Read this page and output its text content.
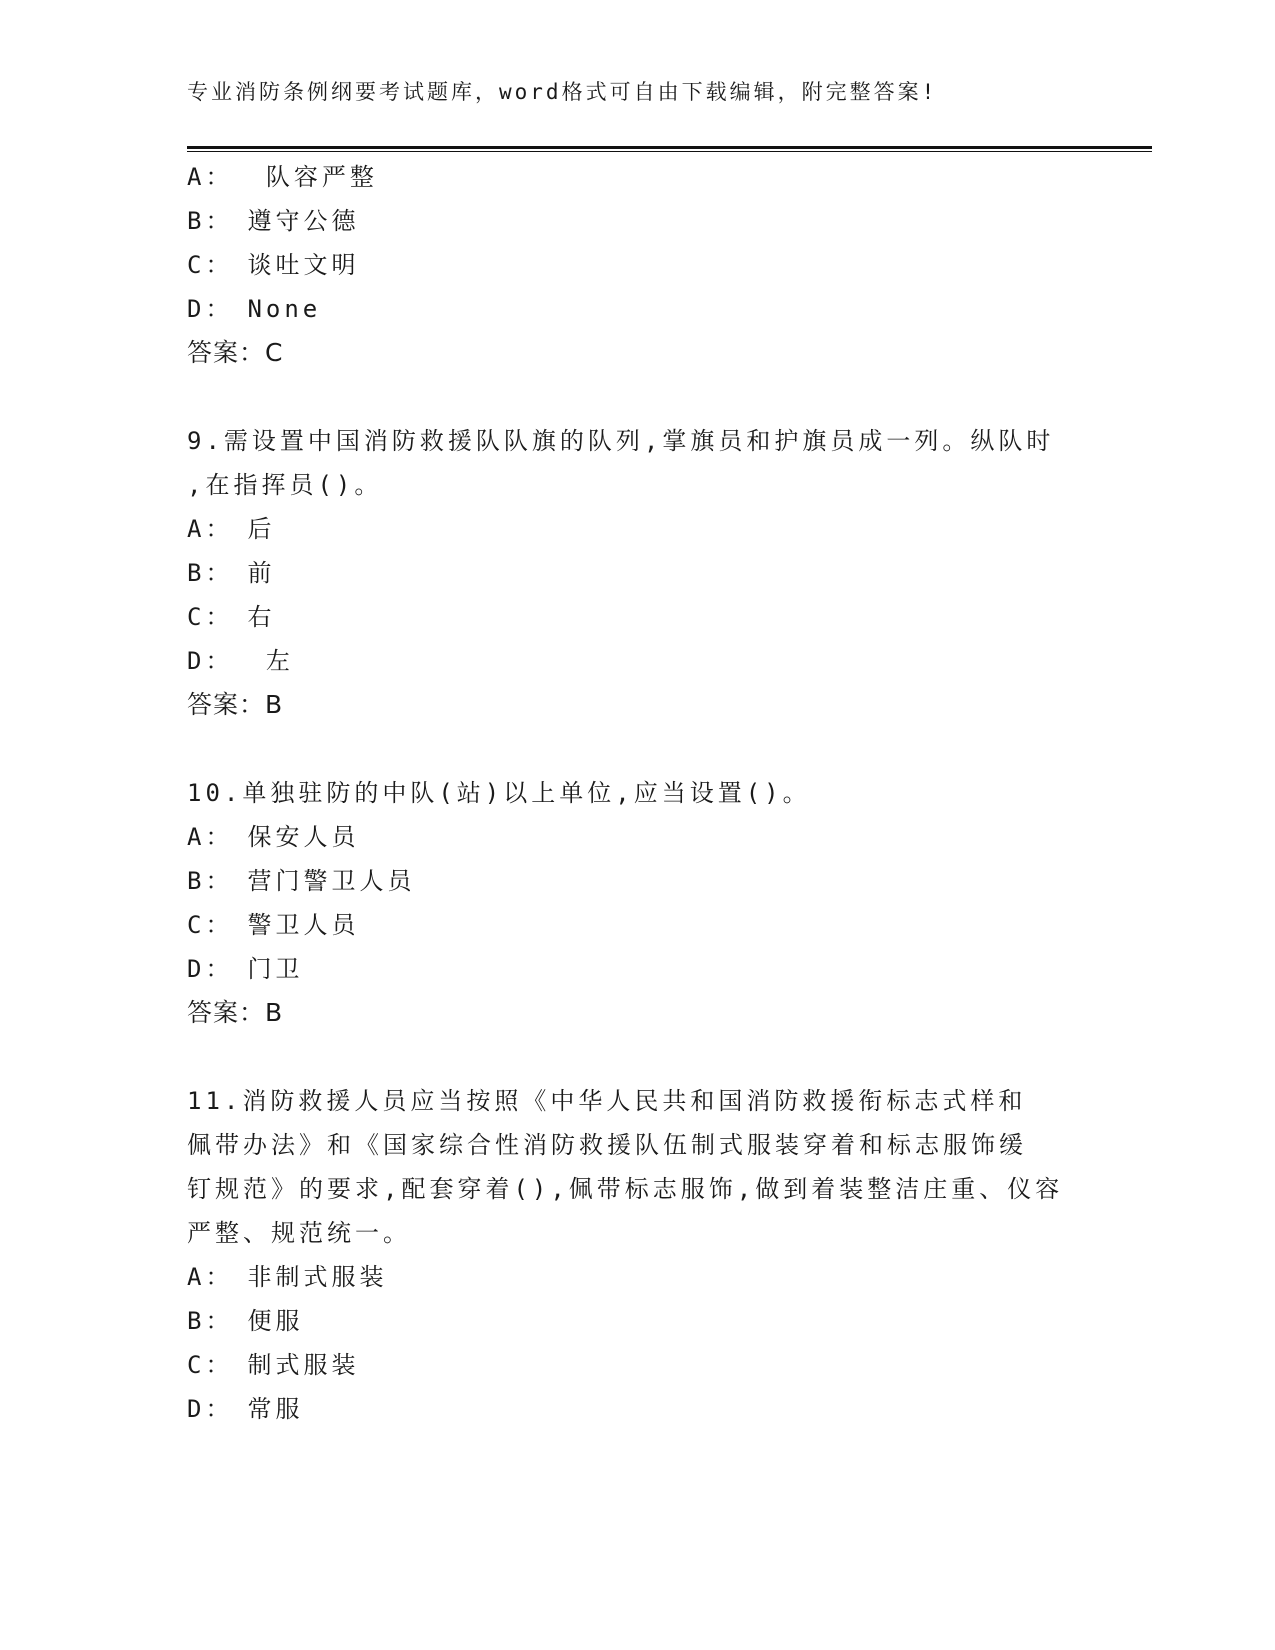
专业消防条例纲要考试题库，word格式可自由下载编辑，附完整答案!
A： 队容严整
B： 遵守公德
C： 谈吐文明
D： None
答案：C
9.需设置中国消防救援队队旗的队列,掌旗员和护旗员成一列。纵队时
,在指挥员()。
A： 后
B： 前
C： 右
D： 左
答案：B
10.单独驻防的中队(站)以上单位,应当设置()。
A： 保安人员
B： 营门警卫人员
C： 警卫人员
D： 门卫
答案：B
11.消防救援人员应当按照《中华人民共和国消防救援衔标志式样和
佩带办法》和《国家综合性消防救援队伍制式服装穿着和标志服饰缓
钉规范》的要求,配套穿着(),佩带标志服饰,做到着装整洁庄重、仪容
严整、规范统一。
A： 非制式服装
B： 便服
C： 制式服装
D： 常服
